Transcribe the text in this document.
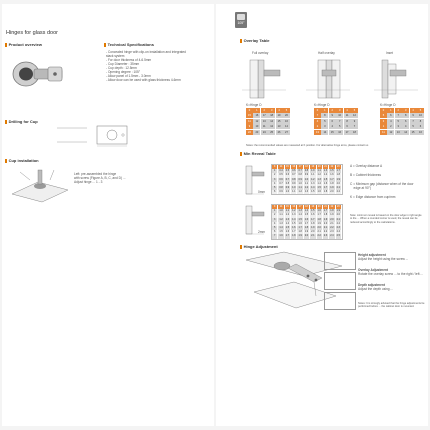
Hinges for glass door
Product overview	Technical Specifications
- Concealed hinge with clip-on installation and integrated
stack system
- For door thickness of 4-6.5mm
- Cup Diameter : 35mm
- Cup depth : 12.5mm
- Opening degree : 105°
- Allow panel of 1.5mm - 3.0mm
- Allow door can be used with glass thickness 4-6mm
Drilling for Cup
Cup installation
Left: pre-assembled the hinge
with screw (Figure A, B, C, and D) ...
Adjust hinge ... 1 - 3
105°
Overlay Table
Full overlay	Half overlay	Inset
K=Hinge D	K=Hinge D	K=Hinge D
0	1	2	3	4	5
15	16	17	18	19	20
11	12	13	14	15	16
9	10	11	12	13	14
22	23	24	25	26	27
0	1	2	3	4	5
7	8	9	10	11	12
4	5	6	7	8	9
2	3	4	5	6	7
13	14	15	16	17	18
0	1	2	3	4	5
5	6	7	8	9	10
3	4	5	6	7	8
1	2	3	4	5	6
11	12	13	14	15	16
Notes: the recommended values are measured at K position. For alternative hinge arms, please contact us
Min Reveal Table
0mm
K	14	15	16	17	18	19	20	21	22	23
1	0.4	0.5	0.6	0.7	0.8	1.0	1.1	1.3	1.5	1.7
2	0.5	0.6	0.7	0.8	0.9	1.1	1.2	1.4	1.6	1.8
3	0.6	0.7	0.8	0.9	1.0	1.2	1.3	1.5	1.7	1.9
4	0.7	0.8	0.9	1.0	1.1	1.3	1.4	1.6	1.8	2.0
5	0.8	0.9	1.0	1.1	1.2	1.4	1.5	1.7	1.9	2.1
6	0.9	1.0	1.1	1.2	1.3	1.5	1.6	1.8	2.0	2.2
2mm
K	14	15	16	17	18	19	20	21	22	23
1	1.0	1.1	1.2	1.3	1.4	1.5	1.6	1.7	1.8	1.9
2	1.1	1.2	1.3	1.4	1.5	1.6	1.7	1.8	1.9	2.0
3	1.2	1.3	1.4	1.5	1.6	1.7	1.8	1.9	2.0	2.1
4	1.3	1.4	1.5	1.6	1.7	1.8	1.9	2.0	2.1	2.2
5	1.4	1.5	1.6	1.7	1.8	1.9	2.0	2.1	2.2	2.3
6	1.5	1.6	1.7	1.8	1.9	2.0	2.1	2.2	2.3	2.4
7	1.6	1.7	1.8	1.9	2.0	2.1	2.2	2.3	2.4	2.5
A = Overlay distance A
B = Cabinet thickness
C = Minimum gap (distance when of the door
edge at 90°)
K = Edge distance from cup/mm
Note: minimum reveal is based on the door edge in right angle to the ... When a rounded corner is used, the reveal can be reduced accordingly to the calculations.
Hinge Adjustment
Height adjustment
Adjust the height using the screw ...
Overlay Adjustment
Rotate the overlay screw ... to the right / left ...
Depth adjustment
Adjust the depth using ...
Notes: It is strongly advised that the hinge adjustments be performed before ... the cabinet door is mounted.
